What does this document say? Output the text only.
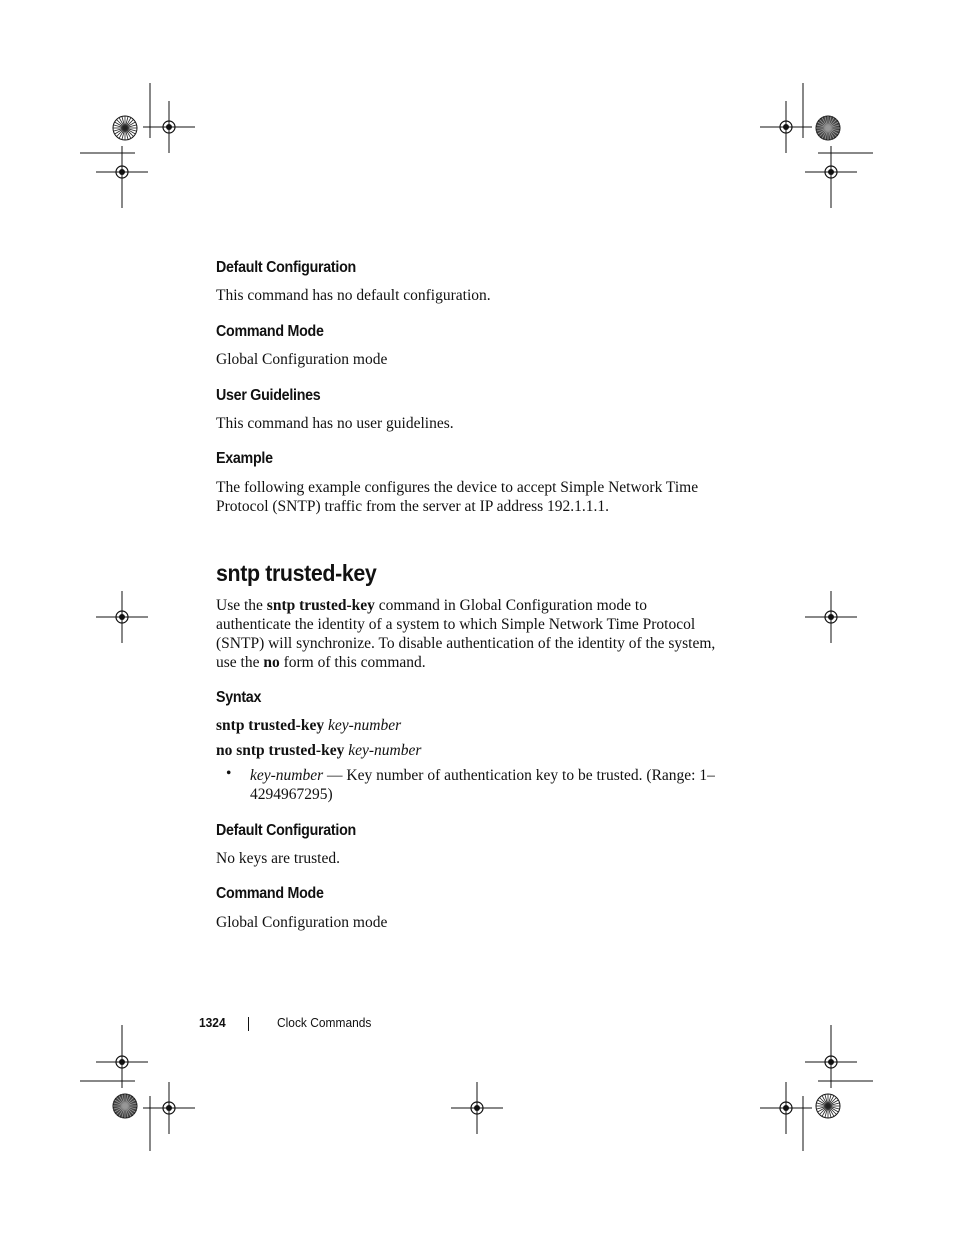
Default Configuration

This command has no default configuration.

Command Mode

Global Configuration mode

User Guidelines

This command has no user guidelines.

Example

The following example configures the device to accept Simple Network Time Protocol (SNTP) traffic from the server at IP address 192.1.1.1.

sntp trusted-key

Use the sntp trusted-key command in Global Configuration mode to authenticate the identity of a system to which Simple Network Time Protocol (SNTP) will synchronize. To disable authentication of the identity of the system, use the no form of this command.

Syntax

sntp trusted-key key-number

no sntp trusted-key key-number

• key-number — Key number of authentication key to be trusted. (Range: 1–4294967295)

Default Configuration

No keys are trusted.

Command Mode

Global Configuration mode

1324	Clock Commands
